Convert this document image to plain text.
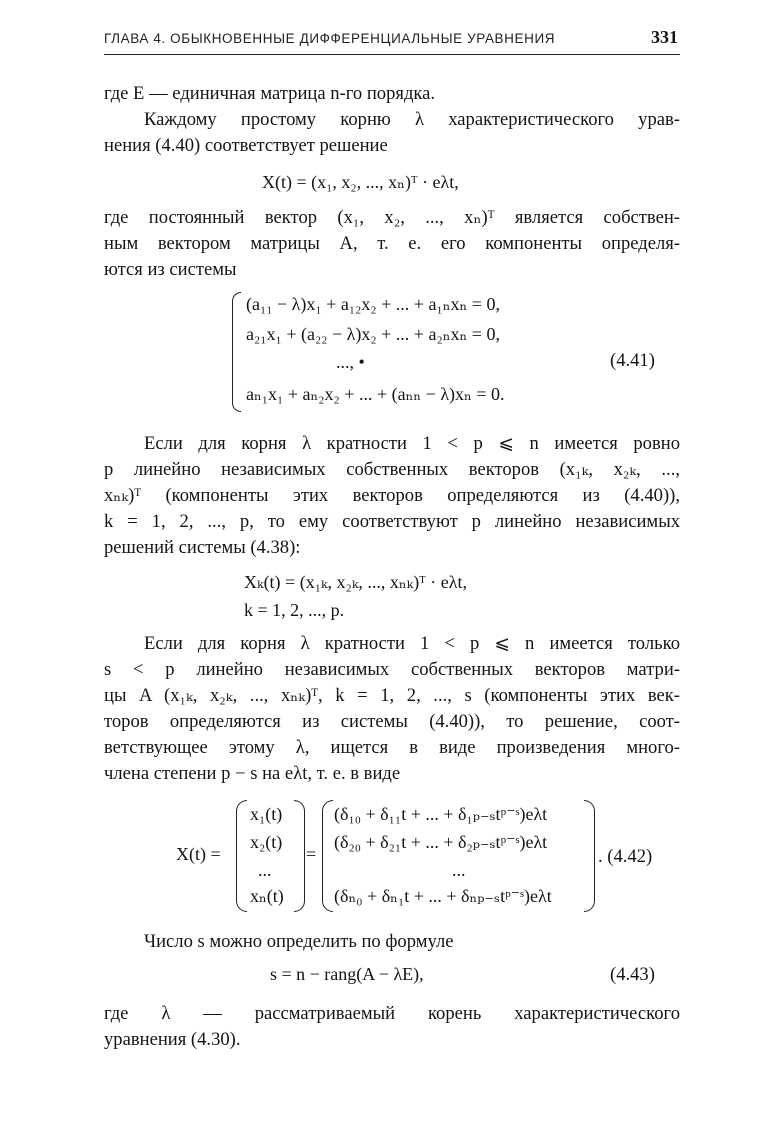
ГЛАВА 4. ОБЫКНОВЕННЫЕ ДИФФЕРЕНЦИАЛЬНЫЕ УРАВНЕНИЯ	331
где E — единичная матрица n-го порядка.
Каждому простому корню λ характеристического урав-
нения (4.40) соответствует решение
X(t) = (x₁, x₂, ..., xₙ)ᵀ · eλt,
где постоянный вектор (x₁, x₂, ..., xₙ)ᵀ является собствен-
ным вектором матрицы A, т. е. его компоненты определя-
ются из системы
(a₁₁ − λ)x₁ + a₁₂x₂ + ... + a₁ₙxₙ = 0,
a₂₁x₁ + (a₂₂ − λ)x₂ + ... + a₂ₙxₙ = 0,
..., •
aₙ₁x₁ + aₙ₂x₂ + ... + (aₙₙ − λ)xₙ = 0.
(4.41)
Если для корня λ кратности 1 < p ⩽ n имеется ровно
p линейно независимых собственных векторов (x₁ₖ, x₂ₖ, ...,
xₙₖ)ᵀ (компоненты этих векторов определяются из (4.40)),
k = 1, 2, ..., p, то ему соответствуют p линейно независимых
решений системы (4.38):
Xₖ(t) = (x₁ₖ, x₂ₖ, ..., xₙₖ)ᵀ · eλt,
k = 1, 2, ..., p.
Если для корня λ кратности 1 < p ⩽ n имеется только
s < p линейно независимых собственных векторов матри-
цы A (x₁ₖ, x₂ₖ, ..., xₙₖ)ᵀ, k = 1, 2, ..., s (компоненты этих век-
торов определяются из системы (4.40)), то решение, соот-
ветствующее этому λ, ищется в виде произведения много-
члена степени p − s на eλt, т. е. в виде
X(t) =
x₁(t)
x₂(t)
...
xₙ(t)
=
(δ₁₀ + δ₁₁t + ... + δ₁ₚ₋ₛtᵖ⁻ˢ)eλt
(δ₂₀ + δ₂₁t + ... + δ₂ₚ₋ₛtᵖ⁻ˢ)eλt
...
(δₙ₀ + δₙ₁t + ... + δₙₚ₋ₛtᵖ⁻ˢ)eλt
. (4.42)
Число s можно определить по формуле
s = n − rang(A − λE),	(4.43)
где λ — рассматриваемый корень характеристического
уравнения (4.30).
